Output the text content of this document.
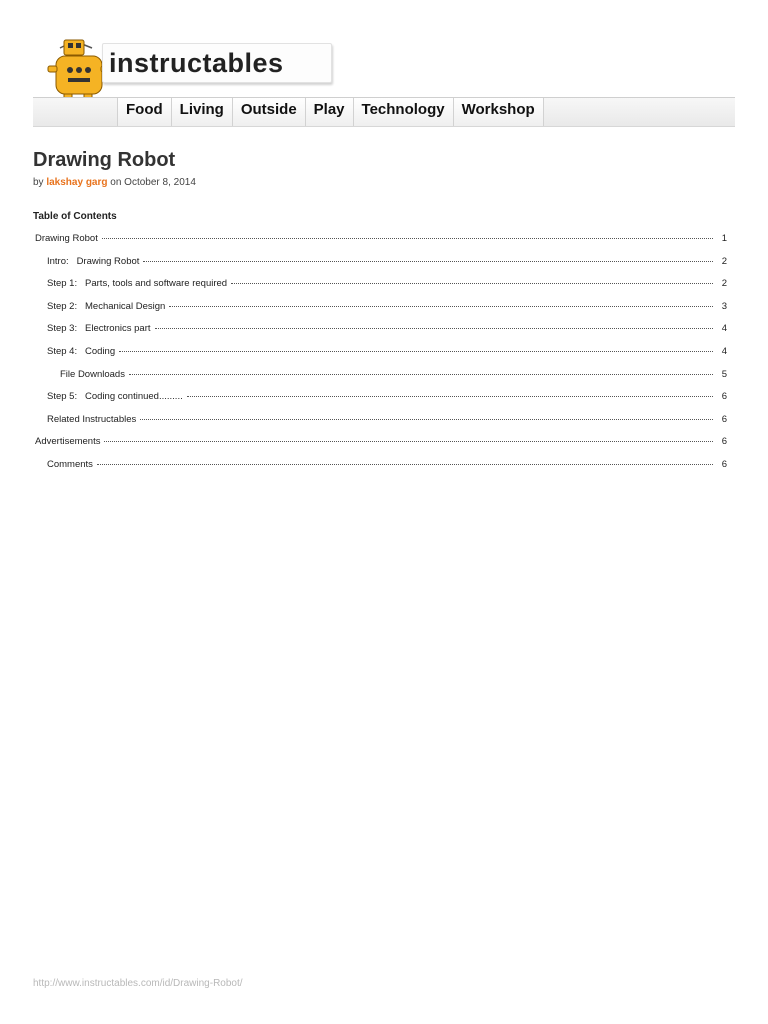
instructables
Food	Living	Outside	Play	Technology	Workshop
Drawing Robot
by lakshay garg on October 8, 2014
Table of Contents
Drawing Robot	1
Intro:   Drawing Robot	2
Step 1:   Parts, tools and software required	2
Step 2:   Mechanical Design	3
Step 3:   Electronics part	4
Step 4:   Coding	4
File Downloads	5
Step 5:   Coding continued.........	6
Related Instructables	6
Advertisements	6
Comments	6
http://www.instructables.com/id/Drawing-Robot/
